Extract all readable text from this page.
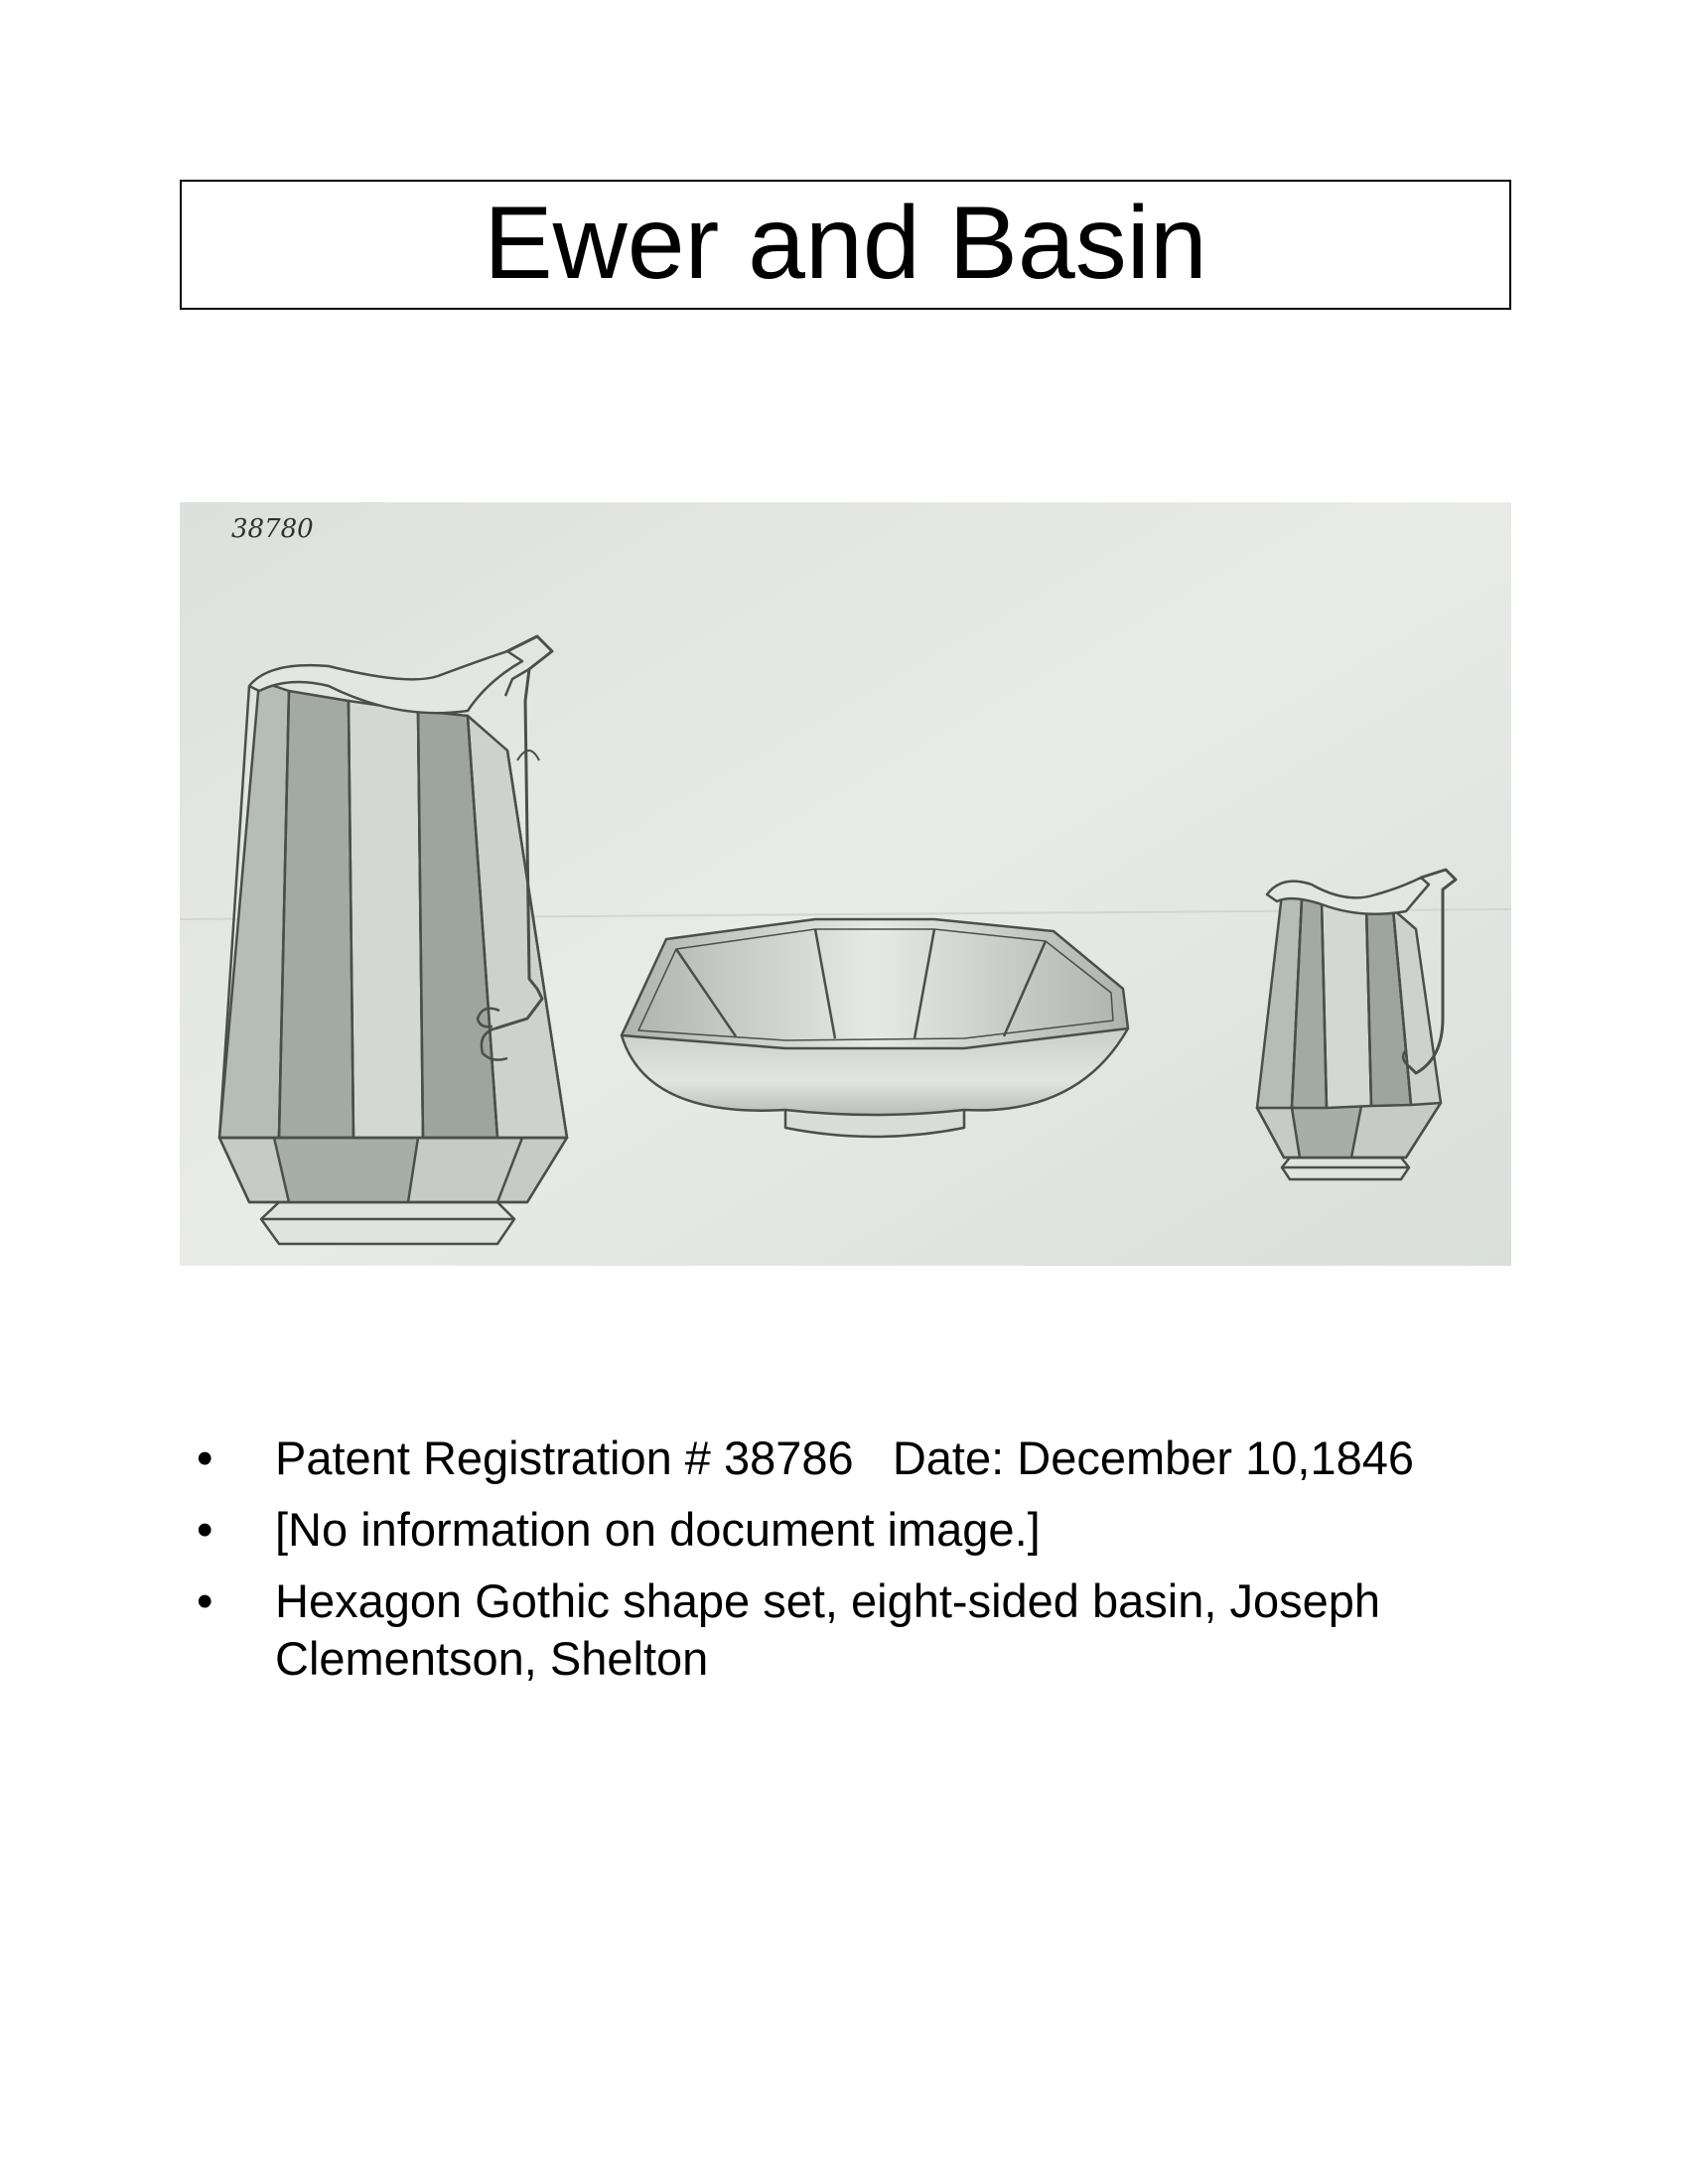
Ewer and Basin
38780
• Patent Registration # 38786   Date: December 10,1846
• [No information on document image.]
• Hexagon Gothic shape set, eight-sided basin, Joseph Clementson, Shelton
